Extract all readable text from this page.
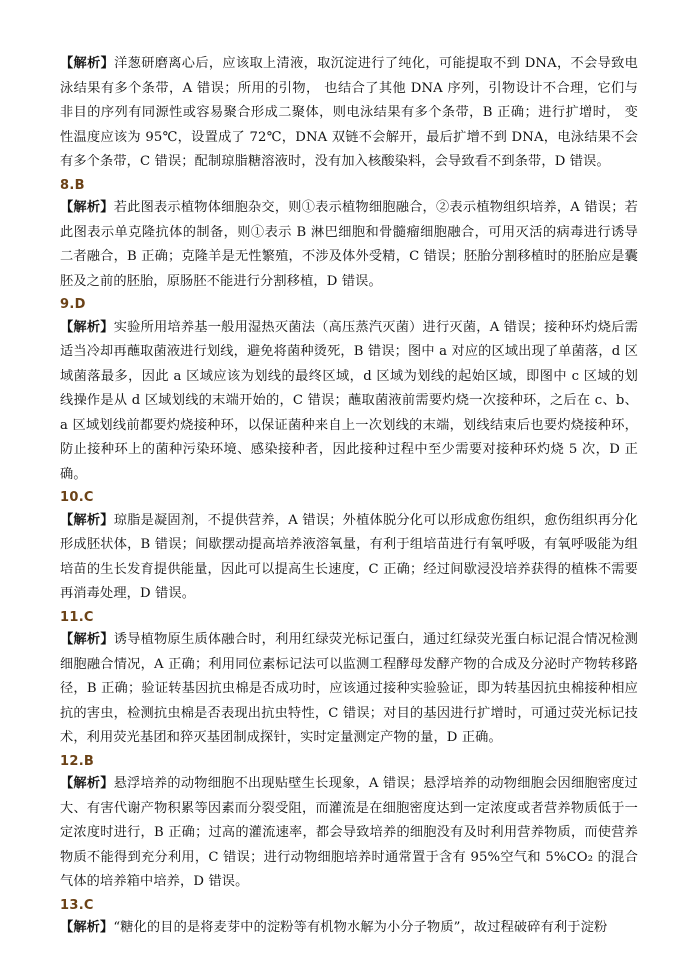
【解析】洋葱研磨离心后，应该取上清液，取沉淀进行了纯化，可能提取不到 DNA，不会导致电泳结果有多个条带，A 错误；所用的引物， 也结合了其他 DNA 序列，引物设计不合理，它们与非目的序列有同源性或容易聚合形成二聚体，则电泳结果有多个条带，B 正确；进行扩增时， 变性温度应该为 95℃，设置成了 72℃，DNA 双链不会解开，最后扩增不到 DNA，电泳结果不会有多个条带，C 错误；配制琼脂糖溶液时，没有加入核酸染料，会导致看不到条带，D 错误。
8.B
【解析】若此图表示植物体细胞杂交，则①表示植物细胞融合，②表示植物组织培养，A 错误；若此图表示单克隆抗体的制备，则①表示 B 淋巴细胞和骨髓瘤细胞融合，可用灭活的病毒进行诱导二者融合，B 正确；克隆羊是无性繁殖，不涉及体外受精，C 错误；胚胎分割移植时的胚胎应是囊胚及之前的胚胎，原肠胚不能进行分割移植，D 错误。
9.D
【解析】实验所用培养基一般用湿热灭菌法（高压蒸汽灭菌）进行灭菌，A 错误；接种环灼烧后需适当冷却再蘸取菌液进行划线，避免将菌种烫死，B 错误；图中 a 对应的区域出现了单菌落，d 区域菌落最多，因此 a 区域应该为划线的最终区域，d 区域为划线的起始区域，即图中 c 区域的划线操作是从 d 区域划线的末端开始的，C 错误；蘸取菌液前需要灼烧一次接种环，之后在 c、b、a 区域划线前都要灼烧接种环，以保证菌种来自上一次划线的末端，划线结束后也要灼烧接种环，防止接种环上的菌种污染环境、感染接种者，因此接种过程中至少需要对接种环灼烧 5 次，D 正确。
10.C
【解析】琼脂是凝固剂，不提供营养，A 错误；外植体脱分化可以形成愈伤组织，愈伤组织再分化形成胚状体，B 错误；间歇摆动提高培养液溶氧量，有利于组培苗进行有氧呼吸，有氧呼吸能为组培苗的生长发育提供能量，因此可以提高生长速度，C 正确；经过间歇浸没培养获得的植株不需要再消毒处理，D 错误。
11.C
【解析】诱导植物原生质体融合时，利用红绿荧光标记蛋白，通过红绿荧光蛋白标记混合情况检测细胞融合情况，A 正确；利用同位素标记法可以监测工程酵母发酵产物的合成及分泌时产物转移路径，B 正确；验证转基因抗虫棉是否成功时，应该通过接种实验验证，即为转基因抗虫棉接种相应抗的害虫，检测抗虫棉是否表现出抗虫特性，C 错误；对目的基因进行扩增时，可通过荧光标记技术，利用荧光基团和猝灭基团制成探针，实时定量测定产物的量，D 正确。
12.B
【解析】悬浮培养的动物细胞不出现贴壁生长现象，A 错误；悬浮培养的动物细胞会因细胞密度过大、有害代谢产物积累等因素而分裂受阻，而灌流是在细胞密度达到一定浓度或者营养物质低于一定浓度时进行，B 正确；过高的灌流速率，都会导致培养的细胞没有及时利用营养物质，而使营养物质不能得到充分利用，C 错误；进行动物细胞培养时通常置于含有 95%空气和 5%CO₂ 的混合气体的培养箱中培养，D 错误。
13.C
【解析】“糖化的目的是将麦芽中的淀粉等有机物水解为小分子物质”，故过程破碎有利于淀粉
